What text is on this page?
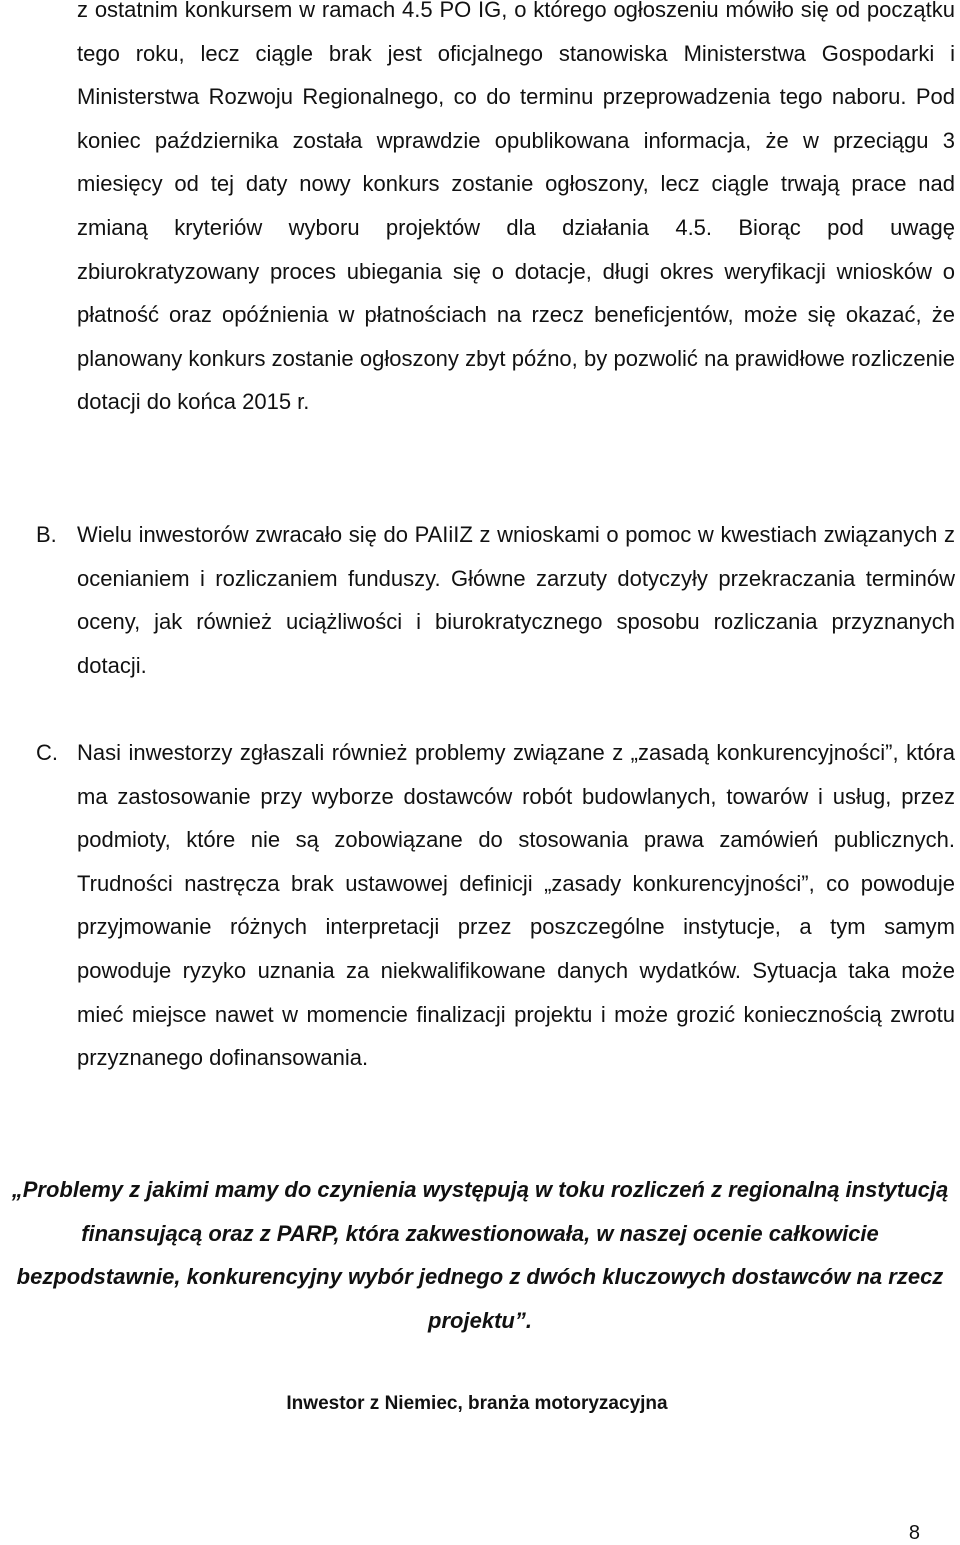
z ostatnim konkursem w ramach 4.5 PO IG, o którego ogłoszeniu mówiło się od początku tego roku, lecz ciągle brak jest oficjalnego stanowiska Ministerstwa Gospodarki i Ministerstwa Rozwoju Regionalnego, co do terminu przeprowadzenia tego naboru. Pod koniec października została wprawdzie opublikowana informacja, że w przeciągu 3 miesięcy od tej daty nowy konkurs zostanie ogłoszony, lecz ciągle trwają prace nad zmianą kryteriów wyboru projektów dla działania 4.5. Biorąc pod uwagę zbiurokratyzowany proces ubiegania się o dotacje, długi okres weryfikacji wniosków o płatność oraz opóźnienia w płatnościach na rzecz beneficjentów, może się okazać, że planowany konkurs zostanie ogłoszony zbyt późno, by pozwolić na prawidłowe rozliczenie dotacji do końca 2015 r.

B. Wielu inwestorów zwracało się do PAIiIZ z wnioskami o pomoc w kwestiach związanych z ocenianiem i rozliczaniem funduszy. Główne zarzuty dotyczyły przekraczania terminów oceny, jak również uciążliwości i biurokratycznego sposobu rozliczania przyznanych dotacji.
C. Nasi inwestorzy zgłaszali również problemy związane z „zasadą konkurencyjności”, która ma zastosowanie przy wyborze dostawców robót budowlanych, towarów i usług, przez podmioty, które nie są zobowiązane do stosowania prawa zamówień publicznych. Trudności nastręcza brak ustawowej definicji „zasady konkurencyjności”, co powoduje przyjmowanie różnych interpretacji przez poszczególne instytucje, a tym samym powoduje ryzyko uznania za niekwalifikowane danych wydatków. Sytuacja taka może mieć miejsce nawet w momencie finalizacji projektu i może grozić koniecznością zwrotu przyznanego dofinansowania.

„Problemy z jakimi mamy do czynienia występują w toku rozliczeń z regionalną instytucją finansującą oraz z PARP, która zakwestionowała, w naszej ocenie całkowicie bezpodstawnie, konkurencyjny wybór jednego z dwóch kluczowych dostawców na rzecz projektu”.

Inwestor z Niemiec, branża motoryzacyjna

8
